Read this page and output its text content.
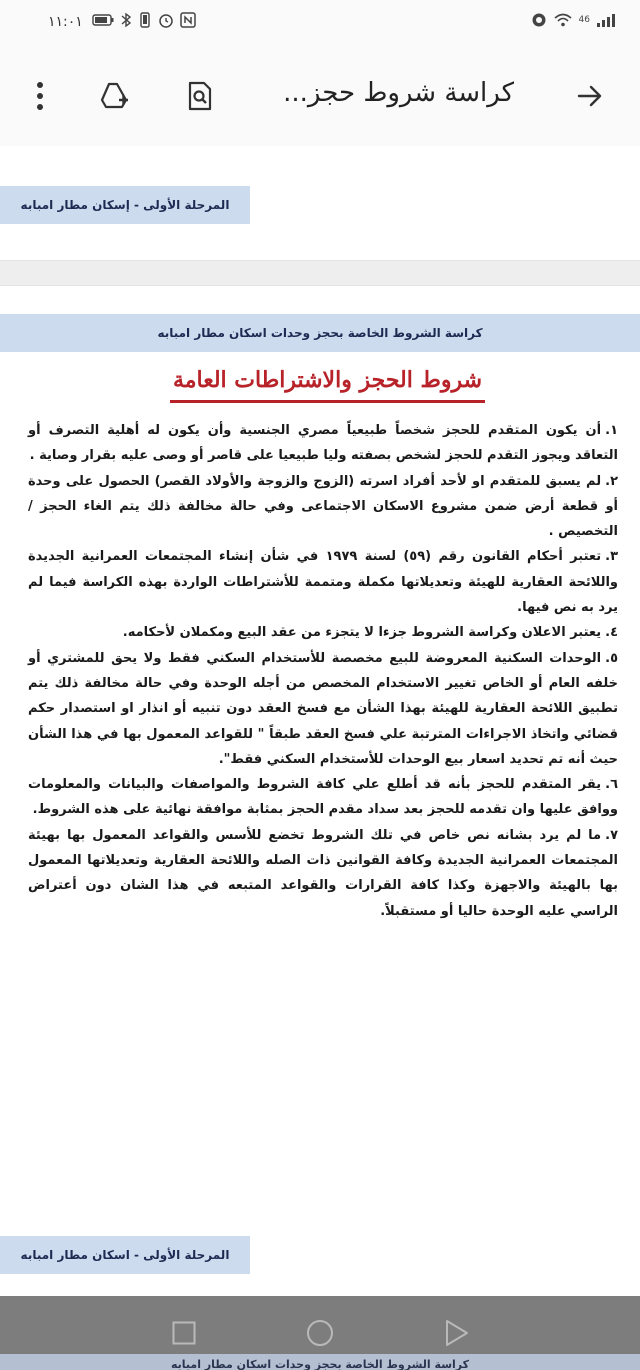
١١:٠١	46
كراسة شروط حجز...
المرحلة الأولى - إسكان مطار امبابه
كراسة الشروط الخاصة بحجز وحدات اسكان مطار امبابه
شروط الحجز والاشتراطات العامة
١.أن يكون المتقدم للحجز شخصاً طبيعياً مصري الجنسية وأن يكون له أهلية التصرف أو التعاقد ويجوز التقدم للحجز لشخص بصفته وليا طبيعيا على قاصر أو وصى عليه بقرار وصاية .
٢.لم يسبق للمتقدم او لأحد أفراد اسرته (الزوج والزوجة والأولاد القصر) الحصول على وحدة أو قطعة أرض ضمن مشروع الاسكان الاجتماعى وفي حالة مخالفة ذلك يتم الغاء الحجز / التخصيص .
٣.تعتبر أحكام القانون رقم (٥٩) لسنة ١٩٧٩ في شأن إنشاء المجتمعات العمرانية الجديدة واللائحة العقارية للهيئة وتعديلاتها مكملة ومتممة للأشتراطات الواردة بهذه الكراسة فيما لم يرد به نص فيها.
٤.يعتبر الاعلان وكراسة الشروط جزءا لا يتجزء من عقد البيع ومكملان لأحكامه.
٥.الوحدات السكنية المعروضة للبيع مخصصة للأستخدام السكني فقط ولا يحق للمشتري أو خلفه العام أو الخاص تغيير الاستخدام المخصص من أجله الوحدة وفي حالة مخالفة ذلك يتم تطبيق اللائحة العقارية للهيئة بهذا الشأن مع فسخ العقد دون تنبيه أو انذار او استصدار حكم قضائي واتخاذ الاجراءات المترتبة علي فسخ العقد طبقاً " للقواعد المعمول بها في هذا الشأن حيث أنه تم تحديد اسعار بيع الوحدات للأستخدام السكني فقط".
٦.يقر المتقدم للحجز بأنه قد أطلع علي كافة الشروط والمواصفات والبيانات والمعلومات ووافق عليها وان تقدمه للحجز بعد سداد مقدم الحجز بمثابة موافقة نهائية على هذه الشروط.
٧.ما لم يرد بشانه نص خاص في تلك الشروط تخضع للأسس والقواعد المعمول بها بهيئة المجتمعات العمرانية الجديدة وكافة القوانين ذات الصله واللائحة العقارية وتعديلاتها المعمول بها بالهيئة والاجهزة وكذا كافة القرارات والقواعد المتبعه في هذا الشان دون أعتراض الراسي عليه الوحدة حاليا أو مستقبلاً.
المرحلة الأولى - اسكان مطار امبابه
كراسة الشروط الخاصة بحجز وحدات اسكان مطار امبابه
